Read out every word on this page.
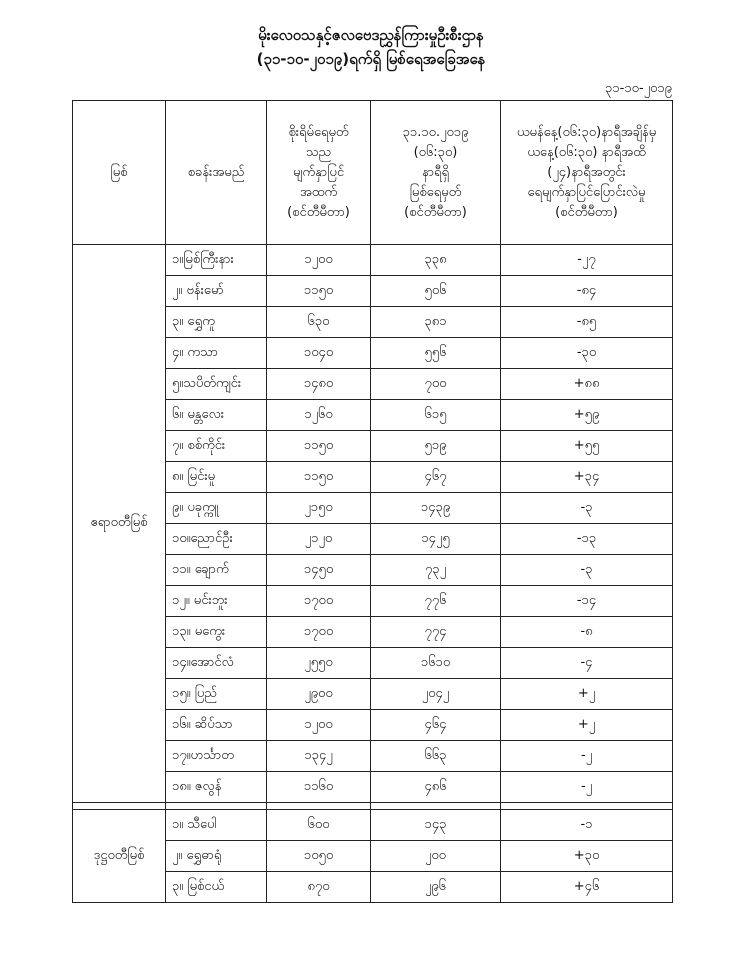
မိုးလေဝသနှင့်ဇလဗေဒညွှန်ကြားမှုဦးစီးဌာန
(၃၁-၁၀-၂၀၁၉)ရက်ရှိ မြစ်ရေအခြေအနေ
၃၁-၁၀-၂၀၁၉
မြစ်	စခန်းအမည်	စိုးရိမ်ရေမှတ်
သည
မျက်နှာပြင်
အထက်
(စင်တီမီတာ)	၃၁.၁၀.၂၀၁၉
(၀၆:၃၀)
နာရီရှိ
မြစ်ရေမှတ်
(စင်တီမီတာ)	ယမန်နေ့(၀၆:၃၀)နာရီအချိန်မှ
ယနေ့(၀၆:၃၀) နာရီအထိ
(၂၄)နာရီအတွင်း
ရေမျက်နှာပြင်ပြောင်းလဲမှု
(စင်တီမီတာ)

ဧရာဝတီမြစ်	၁။မြစ်ကြီးနား	၁၂၀၀	၃၃၈	-၂၇
	၂။ ဗန်းမော်	၁၁၅၀	၅၀၆	-၈၄
	၃။ ရွှေကူ	၆၃၀	၃၈၁	-၈၅
	၄။ ကသာ	၁၀၄၀	၅၅၆	-၃၀
	၅။သပိတ်ကျင်း	၁၄၈၀	၇၀၀	+၈၈
	၆။ မန္တလေး	၁၂၆၀	၆၁၅	+၅၉
	၇။ စစ်ကိုင်း	၁၁၅၀	၅၁၉	+၅၅
	၈။ မြင်းမူ	၁၁၅၀	၄၆၇	+၃၄
	၉။ ပခုက္ကူ	၂၁၅၀	၁၄၃၉	-၃
	၁၀။ညောင်ဦး	၂၁၂၀	၁၄၂၅	-၁၃
	၁၁။ ချောက်	၁၄၅၀	၇၃၂	-၃
	၁၂။ မင်းဘူး	၁၇၀၀	၇၇၆	-၁၄
	၁၃။ မကွေး	၁၇၀၀	၇၇၄	-၈
	၁၄။အောင်လံ	၂၅၅၀	၁၆၁၀	-၄
	၁၅။ ပြည်	၂၉၀၀	၂၀၄၂	+၂
	၁၆။ ဆိပ်သာ	၁၂၀၀	၄၆၄	+၂
	၁၇။ဟင်္သာတ	၁၃၄၂	၆၆၃	-၂
	၁၈။ ဇလွန်	၁၁၆၀	၄၈၆	-၂

ဒုဋ္ဌဝတီမြစ်	၁။ သီပေါ	၆၀၀	၁၄၃	-၁
	၂။ ရွှေဓာရုံ	၁၀၅၀	၂၀၀	+၃၀
	၃။ မြစ်ငယ်	၈၇၀	၂၉၆	+၄၆
